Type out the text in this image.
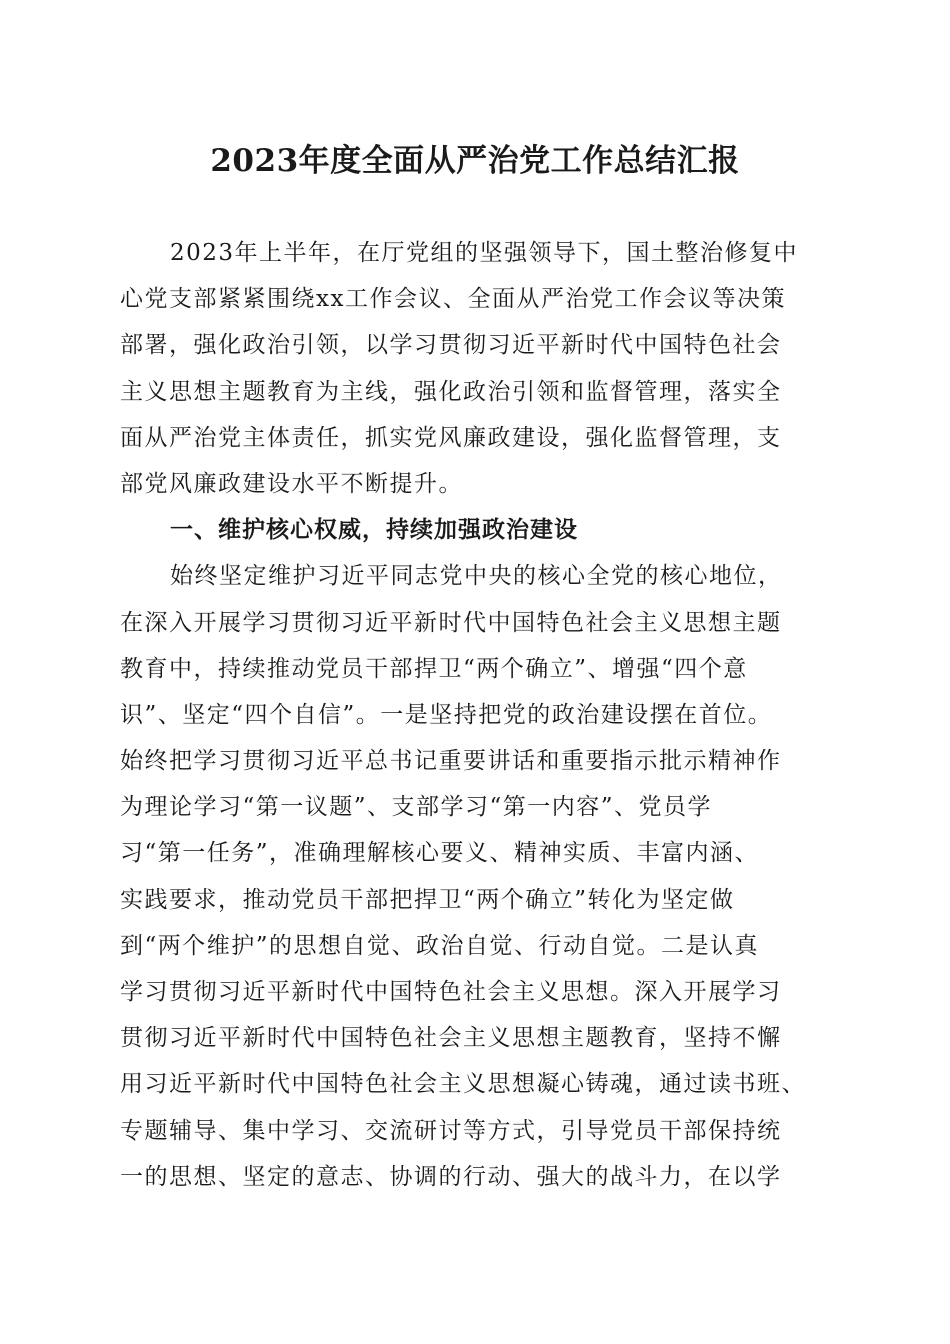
2023年度全面从严治党工作总结汇报
2023年上半年，在厅党组的坚强领导下，国土整治修复中
心党支部紧紧围绕xx工作会议、全面从严治党工作会议等决策
部署，强化政治引领，以学习贯彻习近平新时代中国特色社会
主义思想主题教育为主线，强化政治引领和监督管理，落实全
面从严治党主体责任，抓实党风廉政建设，强化监督管理，支
部党风廉政建设水平不断提升。
一、维护核心权威，持续加强政治建设
始终坚定维护习近平同志党中央的核心全党的核心地位，
在深入开展学习贯彻习近平新时代中国特色社会主义思想主题
教育中，持续推动党员干部捍卫“两个确立”、增强“四个意
识”、坚定“四个自信”。一是坚持把党的政治建设摆在首位。
始终把学习贯彻习近平总书记重要讲话和重要指示批示精神作
为理论学习“第一议题”、支部学习“第一内容”、党员学
习“第一任务”，准确理解核心要义、精神实质、丰富内涵、
实践要求，推动党员干部把捍卫“两个确立”转化为坚定做
到“两个维护”的思想自觉、政治自觉、行动自觉。二是认真
学习贯彻习近平新时代中国特色社会主义思想。深入开展学习
贯彻习近平新时代中国特色社会主义思想主题教育，坚持不懈
用习近平新时代中国特色社会主义思想凝心铸魂，通过读书班、
专题辅导、集中学习、交流研讨等方式，引导党员干部保持统
一的思想、坚定的意志、协调的行动、强大的战斗力，在以学
